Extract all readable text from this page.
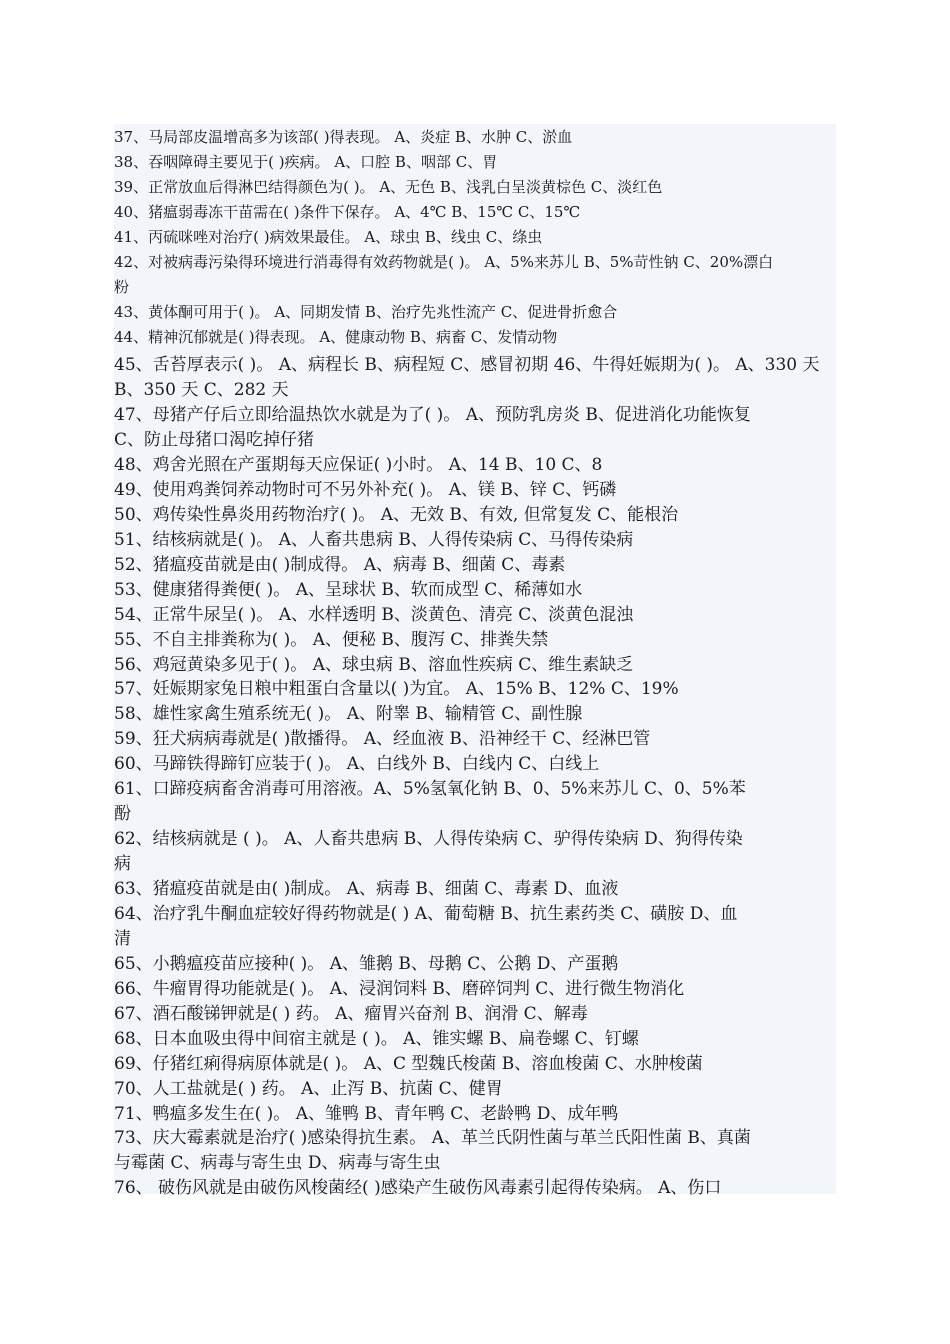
37、马局部皮温增高多为该部( )得表现。 A、炎症 B、水肿 C、淤血
38、吞咽障碍主要见于( )疾病。 A、口腔 B、咽部 C、胃
39、正常放血后得淋巴结得颜色为( )。 A、无色 B、浅乳白呈淡黄棕色 C、淡红色
40、猪瘟弱毒冻干苗需在( )条件下保存。 A、4℃ B、15℃ C、15℃
41、丙硫咪唑对治疗( )病效果最佳。 A、球虫 B、线虫 C、绦虫
42、对被病毒污染得环境进行消毒得有效药物就是( )。 A、5%来苏儿 B、5%苛性钠 C、20%漂白
粉
43、黄体酮可用于( )。 A、同期发情 B、治疗先兆性流产 C、促进骨折愈合
44、精神沉郁就是( )得表现。 A、健康动物 B、病畜 C、发情动物
45、舌苔厚表示( )。 A、病程长 B、病程短 C、感冒初期 46、牛得妊娠期为( )。 A、330 天
B、350 天 C、282 天
47、母猪产仔后立即给温热饮水就是为了( )。 A、预防乳房炎 B、促进消化功能恢复
C、防止母猪口渴吃掉仔猪
48、鸡舍光照在产蛋期每天应保证( )小时。 A、14 B、10 C、8
49、使用鸡粪饲养动物时可不另外补充( )。 A、镁 B、锌 C、钙磷
50、鸡传染性鼻炎用药物治疗( )。 A、无效 B、有效, 但常复发 C、能根治
51、结核病就是( )。 A、人畜共患病 B、人得传染病 C、马得传染病
52、猪瘟疫苗就是由( )制成得。 A、病毒 B、细菌 C、毒素
53、健康猪得粪便( )。 A、呈球状 B、软而成型 C、稀薄如水
54、正常牛尿呈( )。 A、水样透明 B、淡黄色、清亮 C、淡黄色混浊
55、不自主排粪称为( )。 A、便秘 B、腹泻 C、排粪失禁
56、鸡冠黄染多见于( )。 A、球虫病 B、溶血性疾病 C、维生素缺乏
57、妊娠期家兔日粮中粗蛋白含量以( )为宜。 A、15% B、12% C、19%
58、雄性家禽生殖系统无( )。 A、附睾 B、输精管 C、副性腺
59、狂犬病病毒就是( )散播得。 A、经血液 B、沿神经干 C、经淋巴管
60、马蹄铁得蹄钉应装于( )。 A、白线外 B、白线内 C、白线上
61、口蹄疫病畜舍消毒可用溶液。A、5%氢氧化钠 B、0、5%来苏儿 C、0、5%苯
酚
62、结核病就是 ( )。 A、人畜共患病 B、人得传染病 C、驴得传染病 D、狗得传染
病
63、猪瘟疫苗就是由( )制成。 A、病毒 B、细菌 C、毒素 D、血液
64、治疗乳牛酮血症较好得药物就是( ) A、葡萄糖 B、抗生素药类 C、磺胺 D、血
清
65、小鹅瘟疫苗应接种( )。 A、雏鹅 B、母鹅 C、公鹅 D、产蛋鹅
66、牛瘤胃得功能就是( )。 A、浸润饲料 B、磨碎饲判 C、进行微生物消化
67、酒石酸锑钾就是( ) 药。 A、瘤胃兴奋剂 B、润滑 C、解毒
68、日本血吸虫得中间宿主就是 ( )。 A、锥实螺 B、扁卷螺 C、钉螺
69、仔猪红痢得病原体就是( )。 A、C 型魏氏梭菌 B、溶血梭菌 C、水肿梭菌
70、人工盐就是( ) 药。 A、止泻 B、抗菌 C、健胃
71、鸭瘟多发生在( )。 A、雏鸭 B、青年鸭 C、老龄鸭 D、成年鸭
73、庆大霉素就是治疗( )感染得抗生素。 A、革兰氏阴性菌与革兰氏阳性菌 B、真菌
与霉菌 C、病毒与寄生虫 D、病毒与寄生虫
76、 破伤风就是由破伤风梭菌经( )感染产生破伤风毒素引起得传染病。 A、伤口
